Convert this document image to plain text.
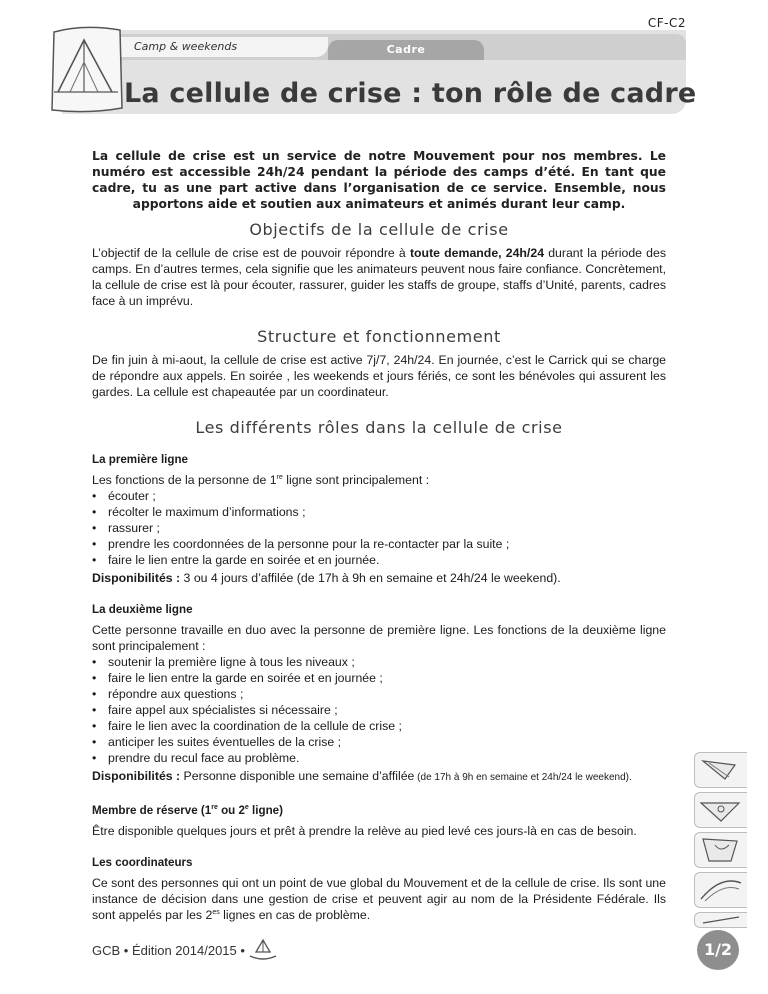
CF-C2
Camp & weekends	Cadre
La cellule de crise : ton rôle de cadre

La cellule de crise est un service de notre Mouvement pour nos membres. Le numéro est accessible 24h/24 pendant la période des camps d’été. En tant que cadre, tu as une part active dans l’organisation de ce service. Ensemble, nous apportons aide et soutien aux animateurs et animés durant leur camp.

Objectifs de la cellule de crise

L’objectif de la cellule de crise est de pouvoir répondre à toute demande, 24h/24 durant la période des camps. En d’autres termes, cela signifie que les animateurs peuvent nous faire confiance. Concrètement, la cellule de crise est là pour écouter, rassurer, guider les staffs de groupe, staffs d’Unité, parents, cadres face à un imprévu.

Structure et fonctionnement

De fin juin à mi-aout, la cellule de crise est active 7j/7, 24h/24. En journée, c’est le Carrick qui se charge de répondre aux appels. En soirée , les weekends et jours fériés, ce sont les bénévoles qui assurent les gardes. La cellule est chapeautée par un coordinateur.

Les différents rôles dans la cellule de crise
La première ligne

Les fonctions de la personne de 1re ligne sont principalement :

• écouter ;
• récolter le maximum d’informations ;
• rassurer ;
• prendre les coordonnées de la personne pour la re-contacter par la suite ;
• faire le lien entre la garde en soirée et en journée.

Disponibilités : 3 ou 4 jours d’affilée (de 17h à 9h en semaine et 24h/24 le weekend).

La deuxième ligne

Cette personne travaille en duo avec la personne de première ligne. Les fonctions de la deuxième ligne sont principalement :

• soutenir la première ligne à tous les niveaux ;
• faire le lien entre la garde en soirée et en journée ;
• répondre aux questions ;
• faire appel aux spécialistes si nécessaire ;
• faire le lien avec la coordination de la cellule de crise ;
• anticiper les suites éventuelles de la crise ;
• prendre du recul face au problème.

Disponibilités : Personne disponible une semaine d’affilée (de 17h à 9h en semaine et 24h/24 le weekend).

Membre de réserve (1re ou 2e ligne)

Être disponible quelques jours et prêt à prendre la relève au pied levé ces jours-là en cas de besoin.

Les coordinateurs

Ce sont des personnes qui ont un point de vue global du Mouvement et de la cellule de crise. Ils sont une instance de décision dans une gestion de crise et peuvent agir au nom de la Présidente Fédérale. Ils sont appelés par les $2^{es}$ lignes en cas de problème.

GCB • Édition 2014/2015 •	1/2
